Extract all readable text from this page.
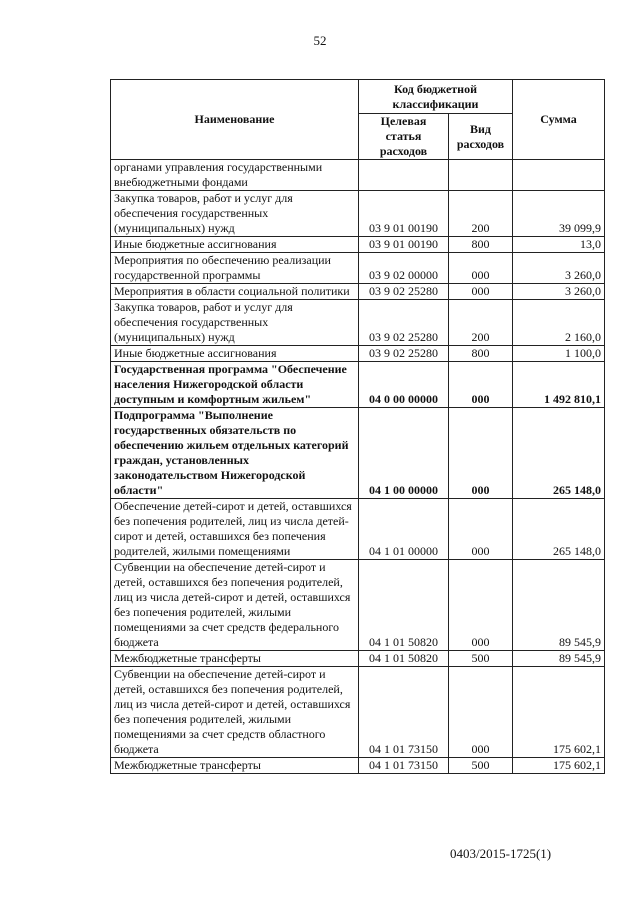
52
Наименование	Код бюджетной классификации		Сумма
	Целевая статья расходов	Вид расходов	
органами управления государственными внебюджетными фондами			
Закупка товаров, работ и услуг для обеспечения государственных (муниципальных) нужд	03 9 01 00190	200	39 099,9
Иные бюджетные ассигнования	03 9 01 00190	800	13,0
Мероприятия по обеспечению реализации государственной программы	03 9 02 00000	000	3 260,0
Мероприятия в области социальной политики	03 9 02 25280	000	3 260,0
Закупка товаров, работ и услуг для обеспечения государственных (муниципальных) нужд	03 9 02 25280	200	2 160,0
Иные бюджетные ассигнования	03 9 02 25280	800	1 100,0
Государственная программа "Обеспечение населения Нижегородской области доступным и комфортным жильем"	04 0 00 00000	000	1 492 810,1
Подпрограмма "Выполнение государственных обязательств по обеспечению жильем отдельных категорий граждан, установленных законодательством Нижегородской области"	04 1 00 00000	000	265 148,0
Обеспечение детей-сирот и детей, оставшихся без попечения родителей, лиц из числа детей-сирот и детей, оставшихся без попечения родителей, жилыми помещениями	04 1 01 00000	000	265 148,0
Субвенции на обеспечение детей-сирот и детей, оставшихся без попечения родителей, лиц из числа детей-сирот и детей, оставшихся без попечения родителей, жилыми помещениями за счет средств федерального бюджета	04 1 01 50820	000	89 545,9
Межбюджетные трансферты	04 1 01 50820	500	89 545,9
Субвенции на обеспечение детей-сирот и детей, оставшихся без попечения родителей, лиц из числа детей-сирот и детей, оставшихся без попечения родителей, жилыми помещениями за счет средств областного бюджета	04 1 01 73150	000	175 602,1
Межбюджетные трансферты	04 1 01 73150	500	175 602,1
0403/2015-1725(1)
